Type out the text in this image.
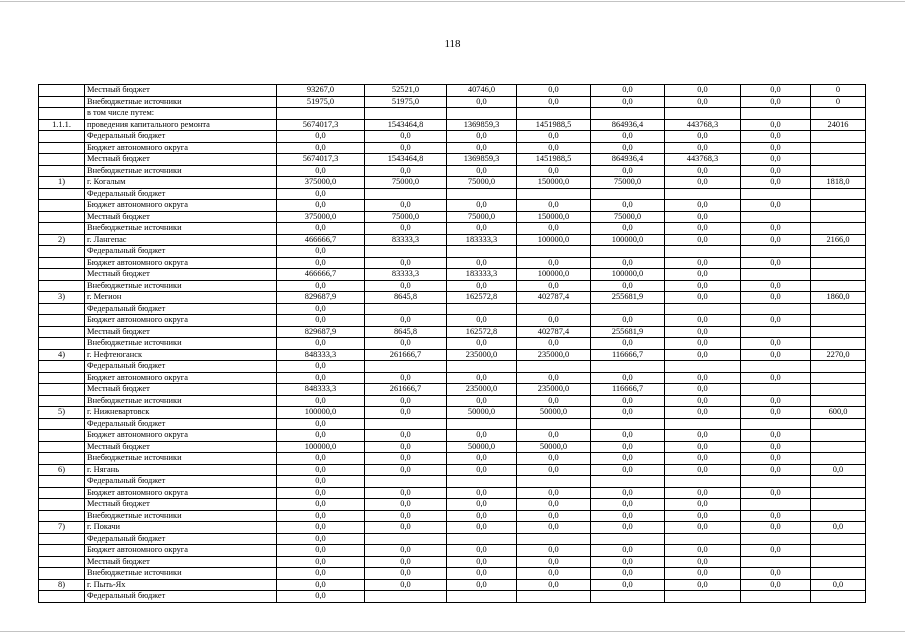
118
	Местный бюджет	93267,0	52521,0	40746,0	0,0	0,0	0,0	0,0	0
	Внебюджетные источники	51975,0	51975,0	0,0	0,0	0,0	0,0	0,0	0
	в том числе путем:								
1.1.1.	проведения капитального ремонта	5674017,3	1543464,8	1369859,3	1451988,5	864936,4	443768,3	0,0	24016
	Федеральный бюджет	0,0	0,0	0,0	0,0	0,0	0,0	0,0	
	Бюджет автономного округа	0,0	0,0	0,0	0,0	0,0	0,0	0,0	
	Местный бюджет	5674017,3	1543464,8	1369859,3	1451988,5	864936,4	443768,3	0,0	
	Внебюджетные источники	0,0	0,0	0,0	0,0	0,0	0,0	0,0	
1)	г. Когалым	375000,0	75000,0	75000,0	150000,0	75000,0	0,0	0,0	1818,0
	Федеральный бюджет	0,0							
	Бюджет автономного округа	0,0	0,0	0,0	0,0	0,0	0,0	0,0	
	Местный бюджет	375000,0	75000,0	75000,0	150000,0	75000,0	0,0		
	Внебюджетные источники	0,0	0,0	0,0	0,0	0,0	0,0	0,0	
2)	г. Лангепас	466666,7	83333,3	183333,3	100000,0	100000,0	0,0	0,0	2166,0
	Федеральный бюджет	0,0							
	Бюджет автономного округа	0,0	0,0	0,0	0,0	0,0	0,0	0,0	
	Местный бюджет	466666,7	83333,3	183333,3	100000,0	100000,0	0,0		
	Внебюджетные источники	0,0	0,0	0,0	0,0	0,0	0,0	0,0	
3)	г. Мегион	829687,9	8645,8	162572,8	402787,4	255681,9	0,0	0,0	1860,0
	Федеральный бюджет	0,0							
	Бюджет автономного округа	0,0	0,0	0,0	0,0	0,0	0,0	0,0	
	Местный бюджет	829687,9	8645,8	162572,8	402787,4	255681,9	0,0		
	Внебюджетные источники	0,0	0,0	0,0	0,0	0,0	0,0	0,0	
4)	г. Нефтеюганск	848333,3	261666,7	235000,0	235000,0	116666,7	0,0	0,0	2270,0
	Федеральный бюджет	0,0							
	Бюджет автономного округа	0,0	0,0	0,0	0,0	0,0	0,0	0,0	
	Местный бюджет	848333,3	261666,7	235000,0	235000,0	116666,7	0,0		
	Внебюджетные источники	0,0	0,0	0,0	0,0	0,0	0,0	0,0	
5)	г. Нижневартовск	100000,0	0,0	50000,0	50000,0	0,0	0,0	0,0	600,0
	Федеральный бюджет	0,0							
	Бюджет автономного округа	0,0	0,0	0,0	0,0	0,0	0,0	0,0	
	Местный бюджет	100000,0	0,0	50000,0	50000,0	0,0	0,0	0,0	
	Внебюджетные источники	0,0	0,0	0,0	0,0	0,0	0,0	0,0	
6)	г. Нягань	0,0	0,0	0,0	0,0	0,0	0,0	0,0	0,0
	Федеральный бюджет	0,0							
	Бюджет автономного округа	0,0	0,0	0,0	0,0	0,0	0,0	0,0	
	Местный бюджет	0,0	0,0	0,0	0,0	0,0	0,0		
	Внебюджетные источники	0,0	0,0	0,0	0,0	0,0	0,0	0,0	
7)	г. Покачи	0,0	0,0	0,0	0,0	0,0	0,0	0,0	0,0
	Федеральный бюджет	0,0							
	Бюджет автономного округа	0,0	0,0	0,0	0,0	0,0	0,0	0,0	
	Местный бюджет	0,0	0,0	0,0	0,0	0,0	0,0		
	Внебюджетные источники	0,0	0,0	0,0	0,0	0,0	0,0	0,0	
8)	г. Пыть-Ях	0,0	0,0	0,0	0,0	0,0	0,0	0,0	0,0
	Федеральный бюджет	0,0							
